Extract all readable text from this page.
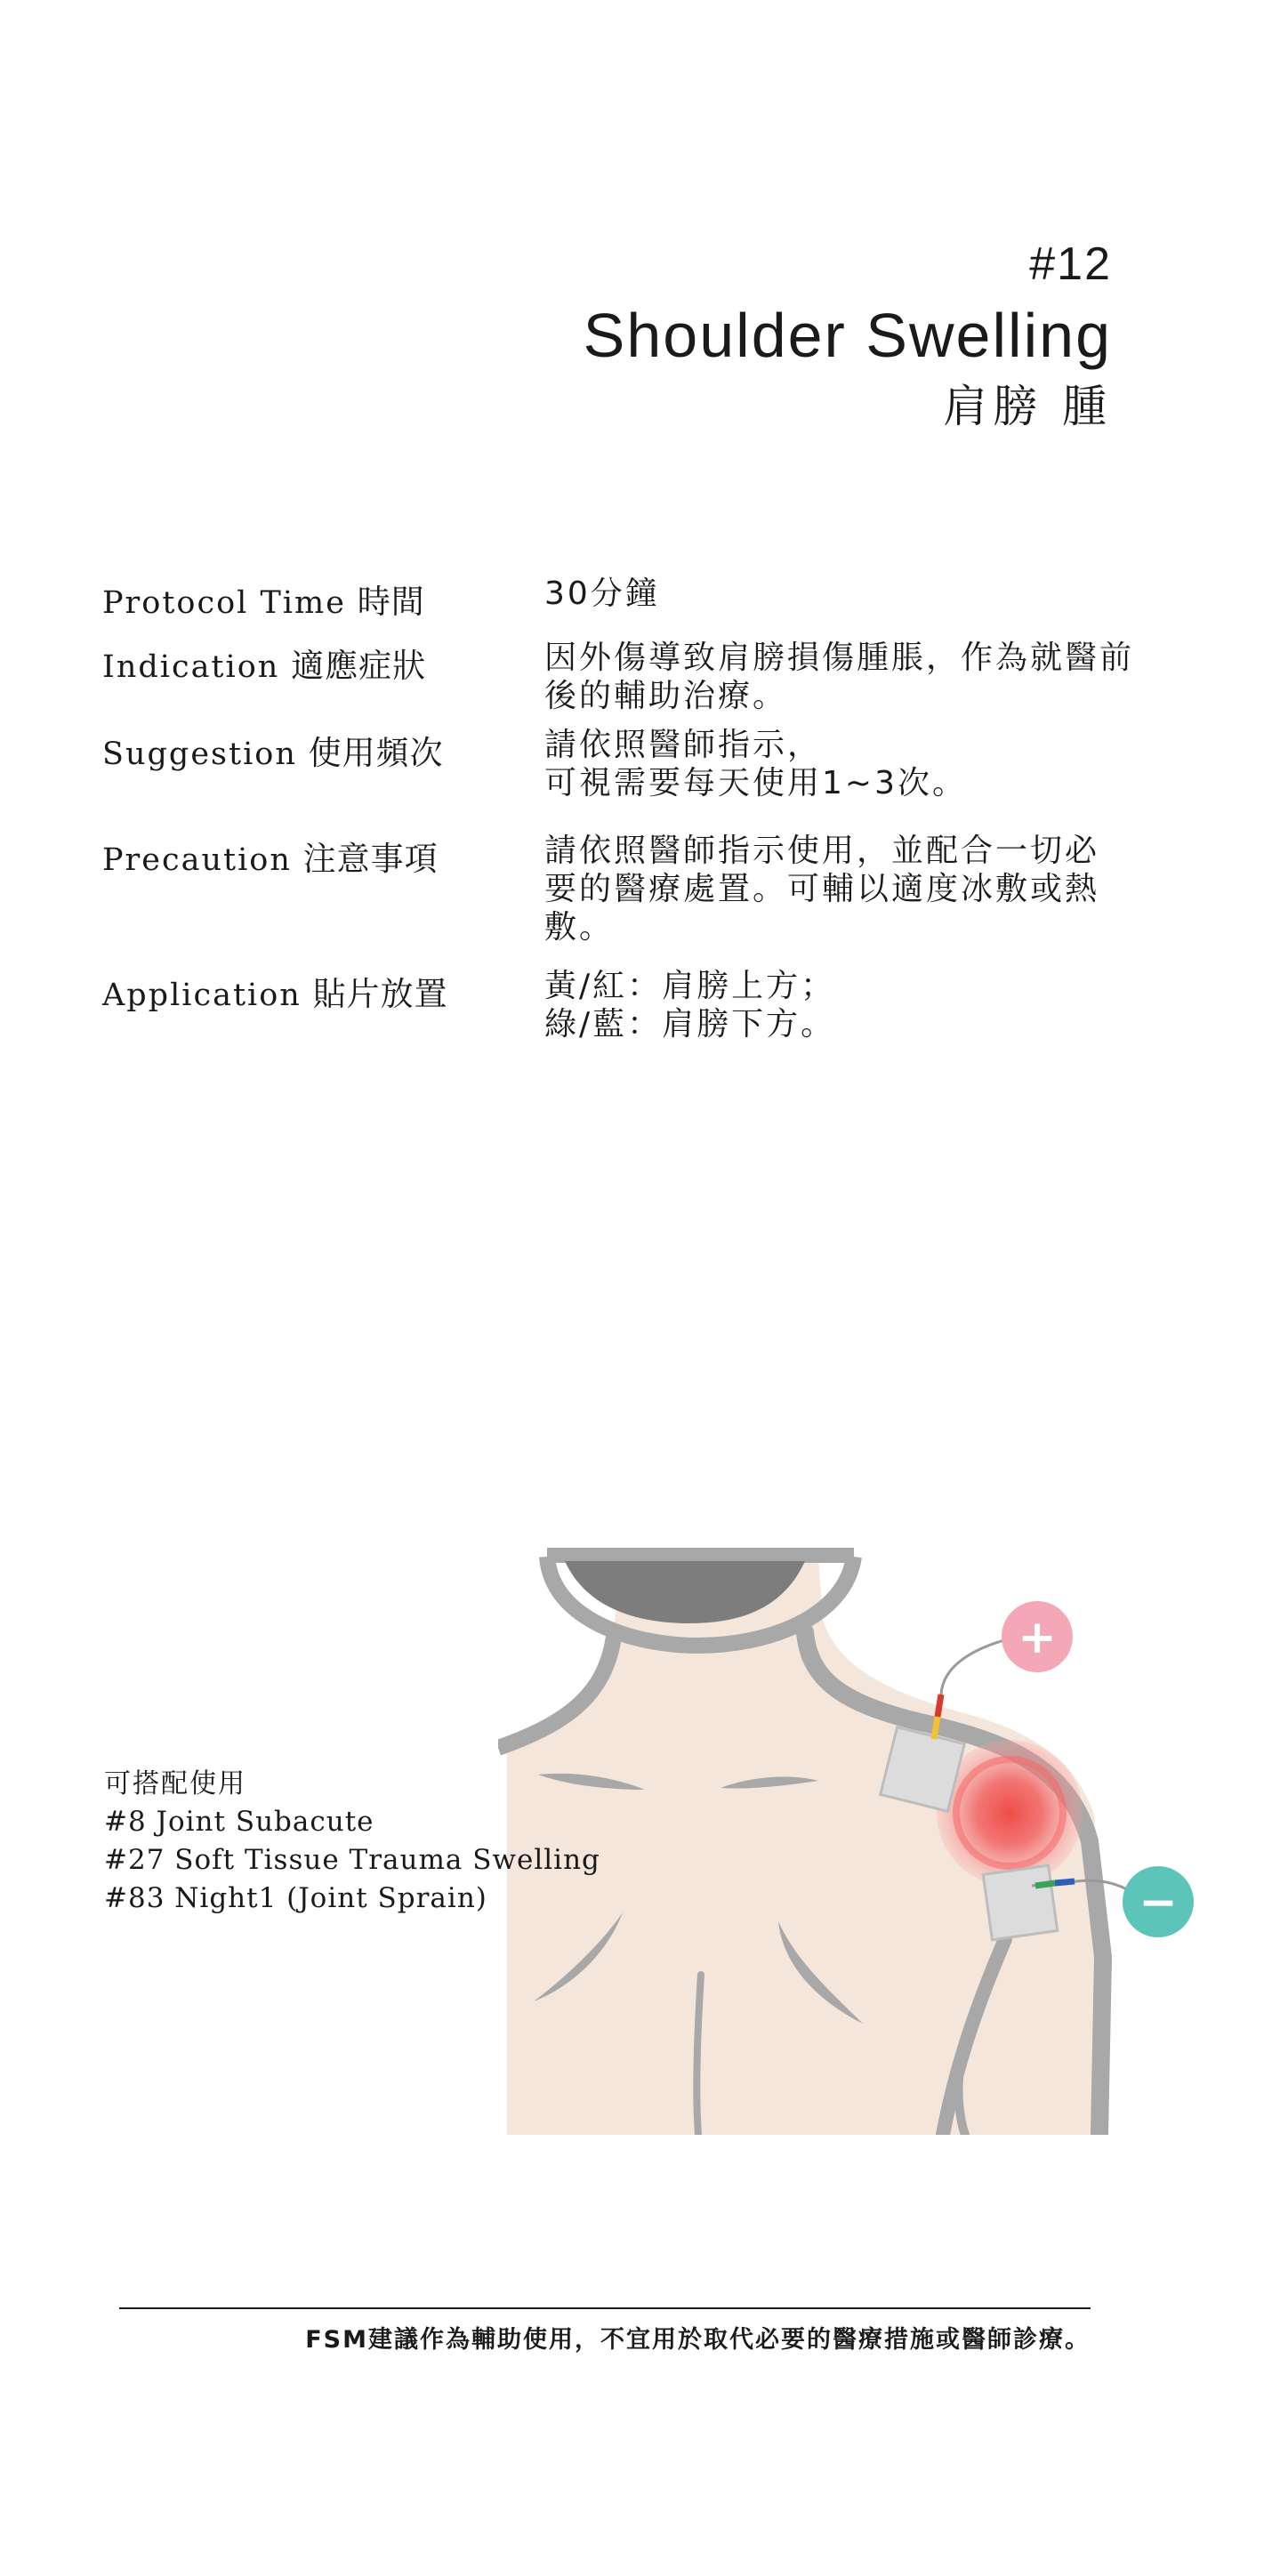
#12
Shoulder Swelling
肩膀 腫
Protocol Time 時間	30分鐘
Indication 適應症狀	因外傷導致肩膀損傷腫脹，作為就醫前
後的輔助治療。
Suggestion 使用頻次	請依照醫師指示，
可視需要每天使用1~3次。
Precaution 注意事項	請依照醫師指示使用，並配合一切必
要的醫療處置。可輔以適度冰敷或熱
敷。
Application 貼片放置	黃/紅：肩膀上方；
綠/藍：肩膀下方。
+
−
可搭配使用
#8 Joint Subacute
#27 Soft Tissue Trauma Swelling
#83 Night1 (Joint Sprain)
FSM建議作為輔助使用，不宜用於取代必要的醫療措施或醫師診療。
